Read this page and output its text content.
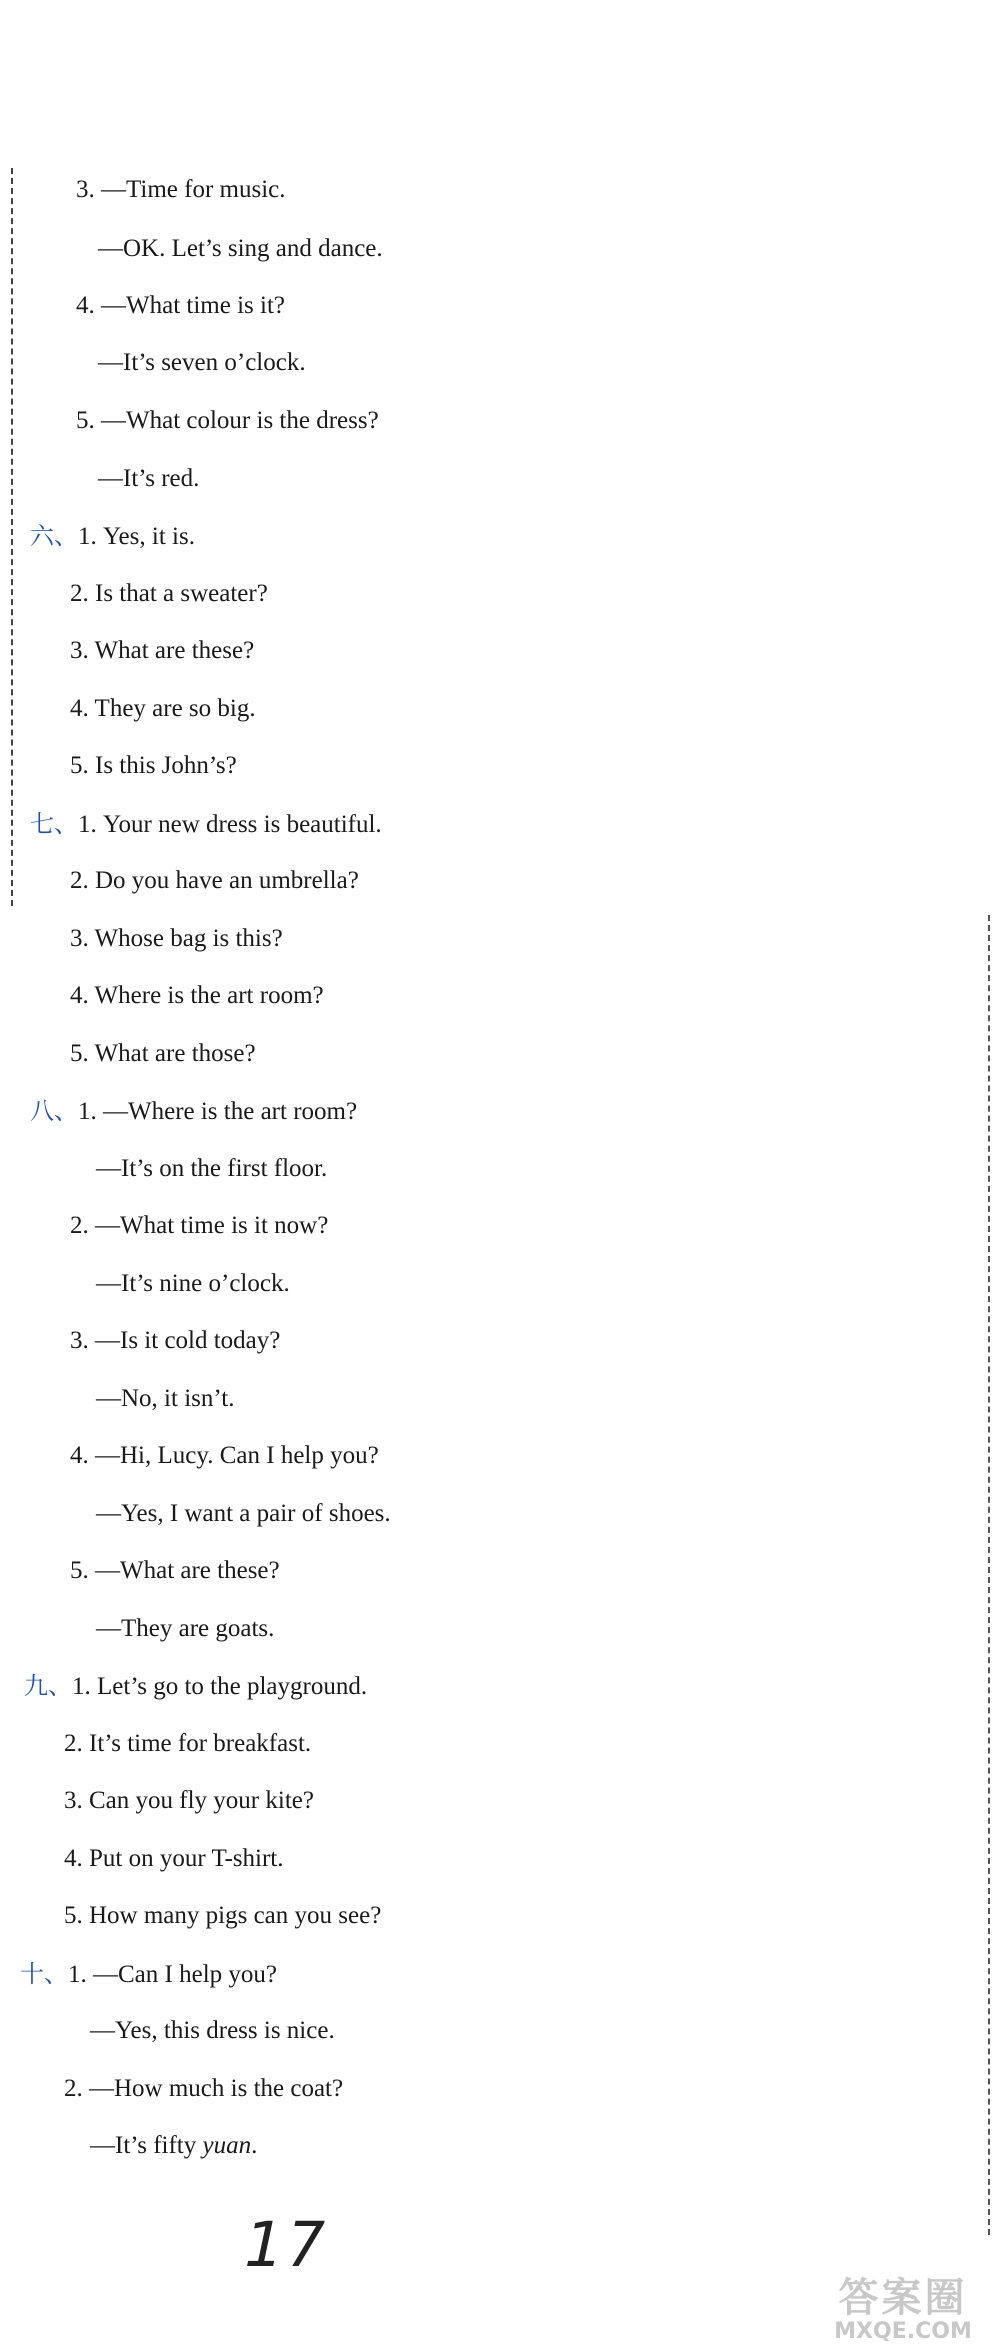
3. —Time for music.
—OK. Let’s sing and dance.
4. —What time is it?
—It’s seven o’clock.
5. —What colour is the dress?
—It’s red.
六、1. Yes, it is.
2. Is that a sweater?
3. What are these?
4. They are so big.
5. Is this John’s?
七、1. Your new dress is beautiful.
2. Do you have an umbrella?
3. Whose bag is this?
4. Where is the art room?
5. What are those?
八、1. —Where is the art room?
—It’s on the first floor.
2. —What time is it now?
—It’s nine o’clock.
3. —Is it cold today?
—No, it isn’t.
4. —Hi, Lucy. Can I help you?
—Yes, I want a pair of shoes.
5. —What are these?
—They are goats.
九、1. Let’s go to the playground.
2. It’s time for breakfast.
3. Can you fly your kite?
4. Put on your T-shirt.
5. How many pigs can you see?
十、1. —Can I help you?
—Yes, this dress is nice.
2. —How much is the coat?
—It’s fifty yuan.
17
答案圈
MXQE.COM
